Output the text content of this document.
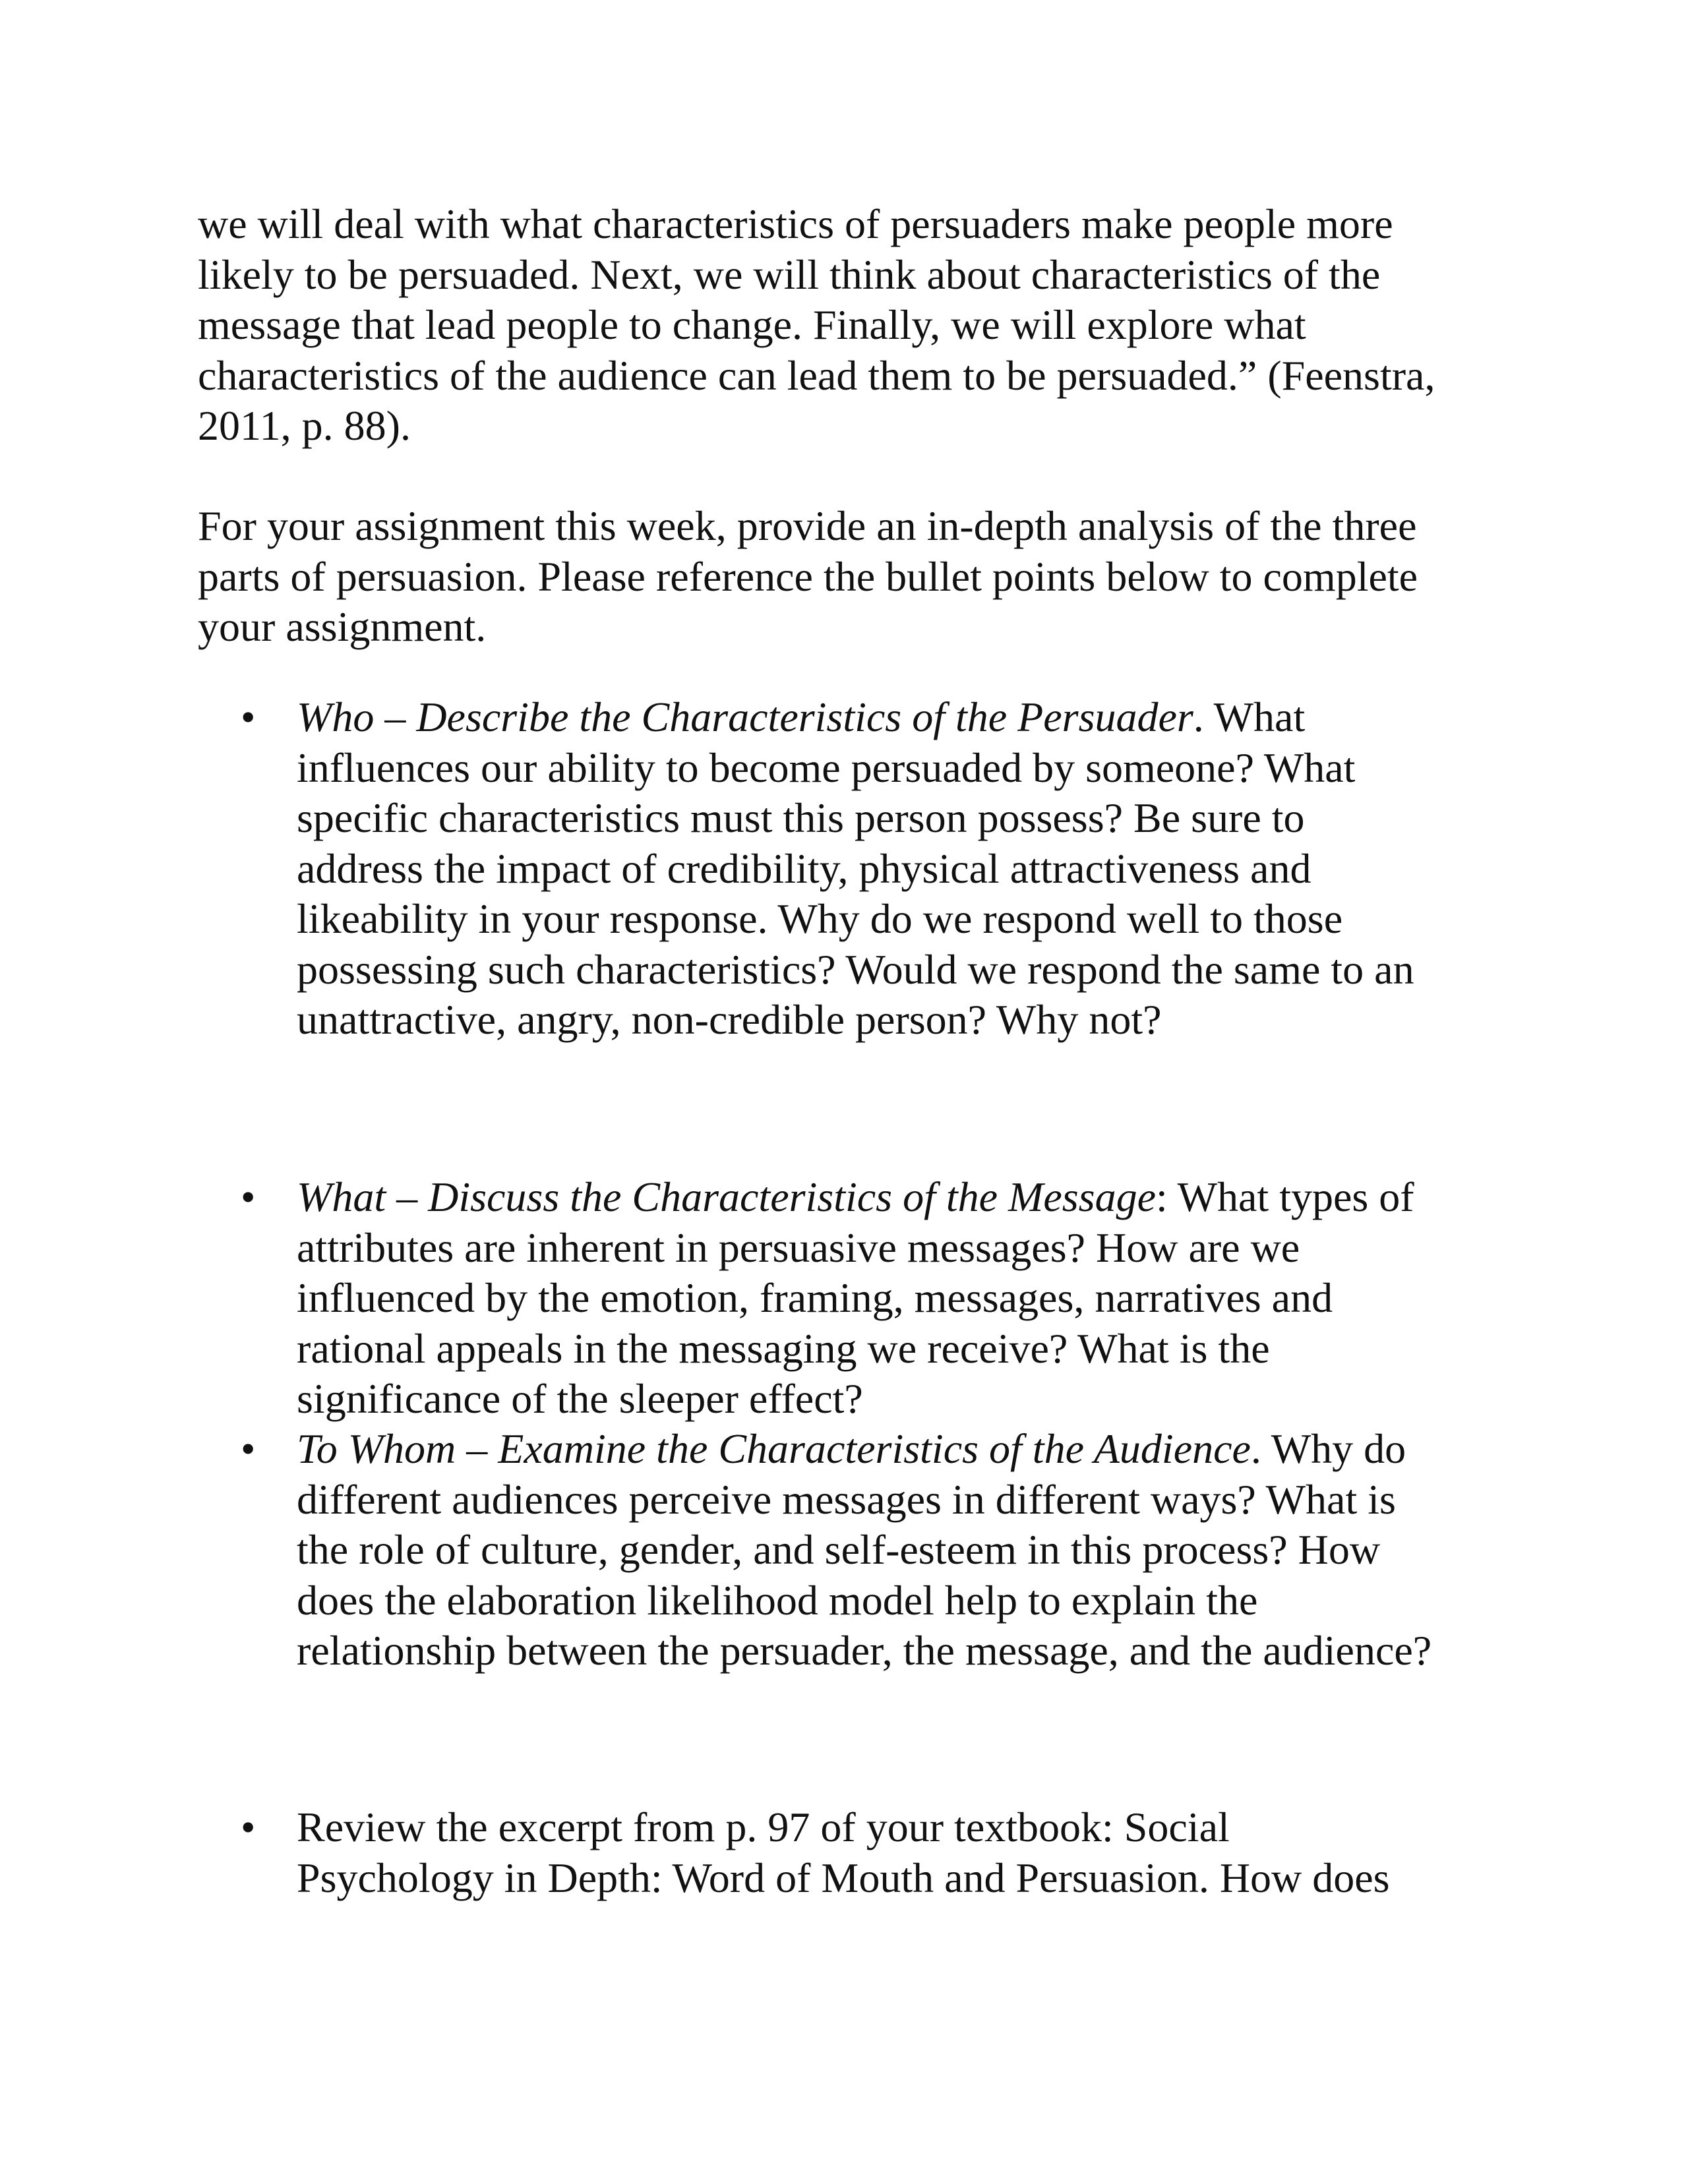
we will deal with what characteristics of persuaders make people more
likely to be persuaded. Next, we will think about characteristics of the
message that lead people to change. Finally, we will explore what
characteristics of the audience can lead them to be persuaded.” (Feenstra,
2011, p. 88).
For your assignment this week, provide an in-depth analysis of the three
parts of persuasion. Please reference the bullet points below to complete
your assignment.
• Who – Describe the Characteristics of the Persuader. What
influences our ability to become persuaded by someone? What
specific characteristics must this person possess? Be sure to
address the impact of credibility, physical attractiveness and
likeability in your response. Why do we respond well to those
possessing such characteristics? Would we respond the same to an
unattractive, angry, non-credible person? Why not?
• What – Discuss the Characteristics of the Message: What types of
attributes are inherent in persuasive messages? How are we
influenced by the emotion, framing, messages, narratives and
rational appeals in the messaging we receive? What is the
significance of the sleeper effect?
• To Whom – Examine the Characteristics of the Audience. Why do
different audiences perceive messages in different ways? What is
the role of culture, gender, and self-esteem in this process? How
does the elaboration likelihood model help to explain the
relationship between the persuader, the message, and the audience?
• Review the excerpt from p. 97 of your textbook: Social
Psychology in Depth: Word of Mouth and Persuasion. How does
